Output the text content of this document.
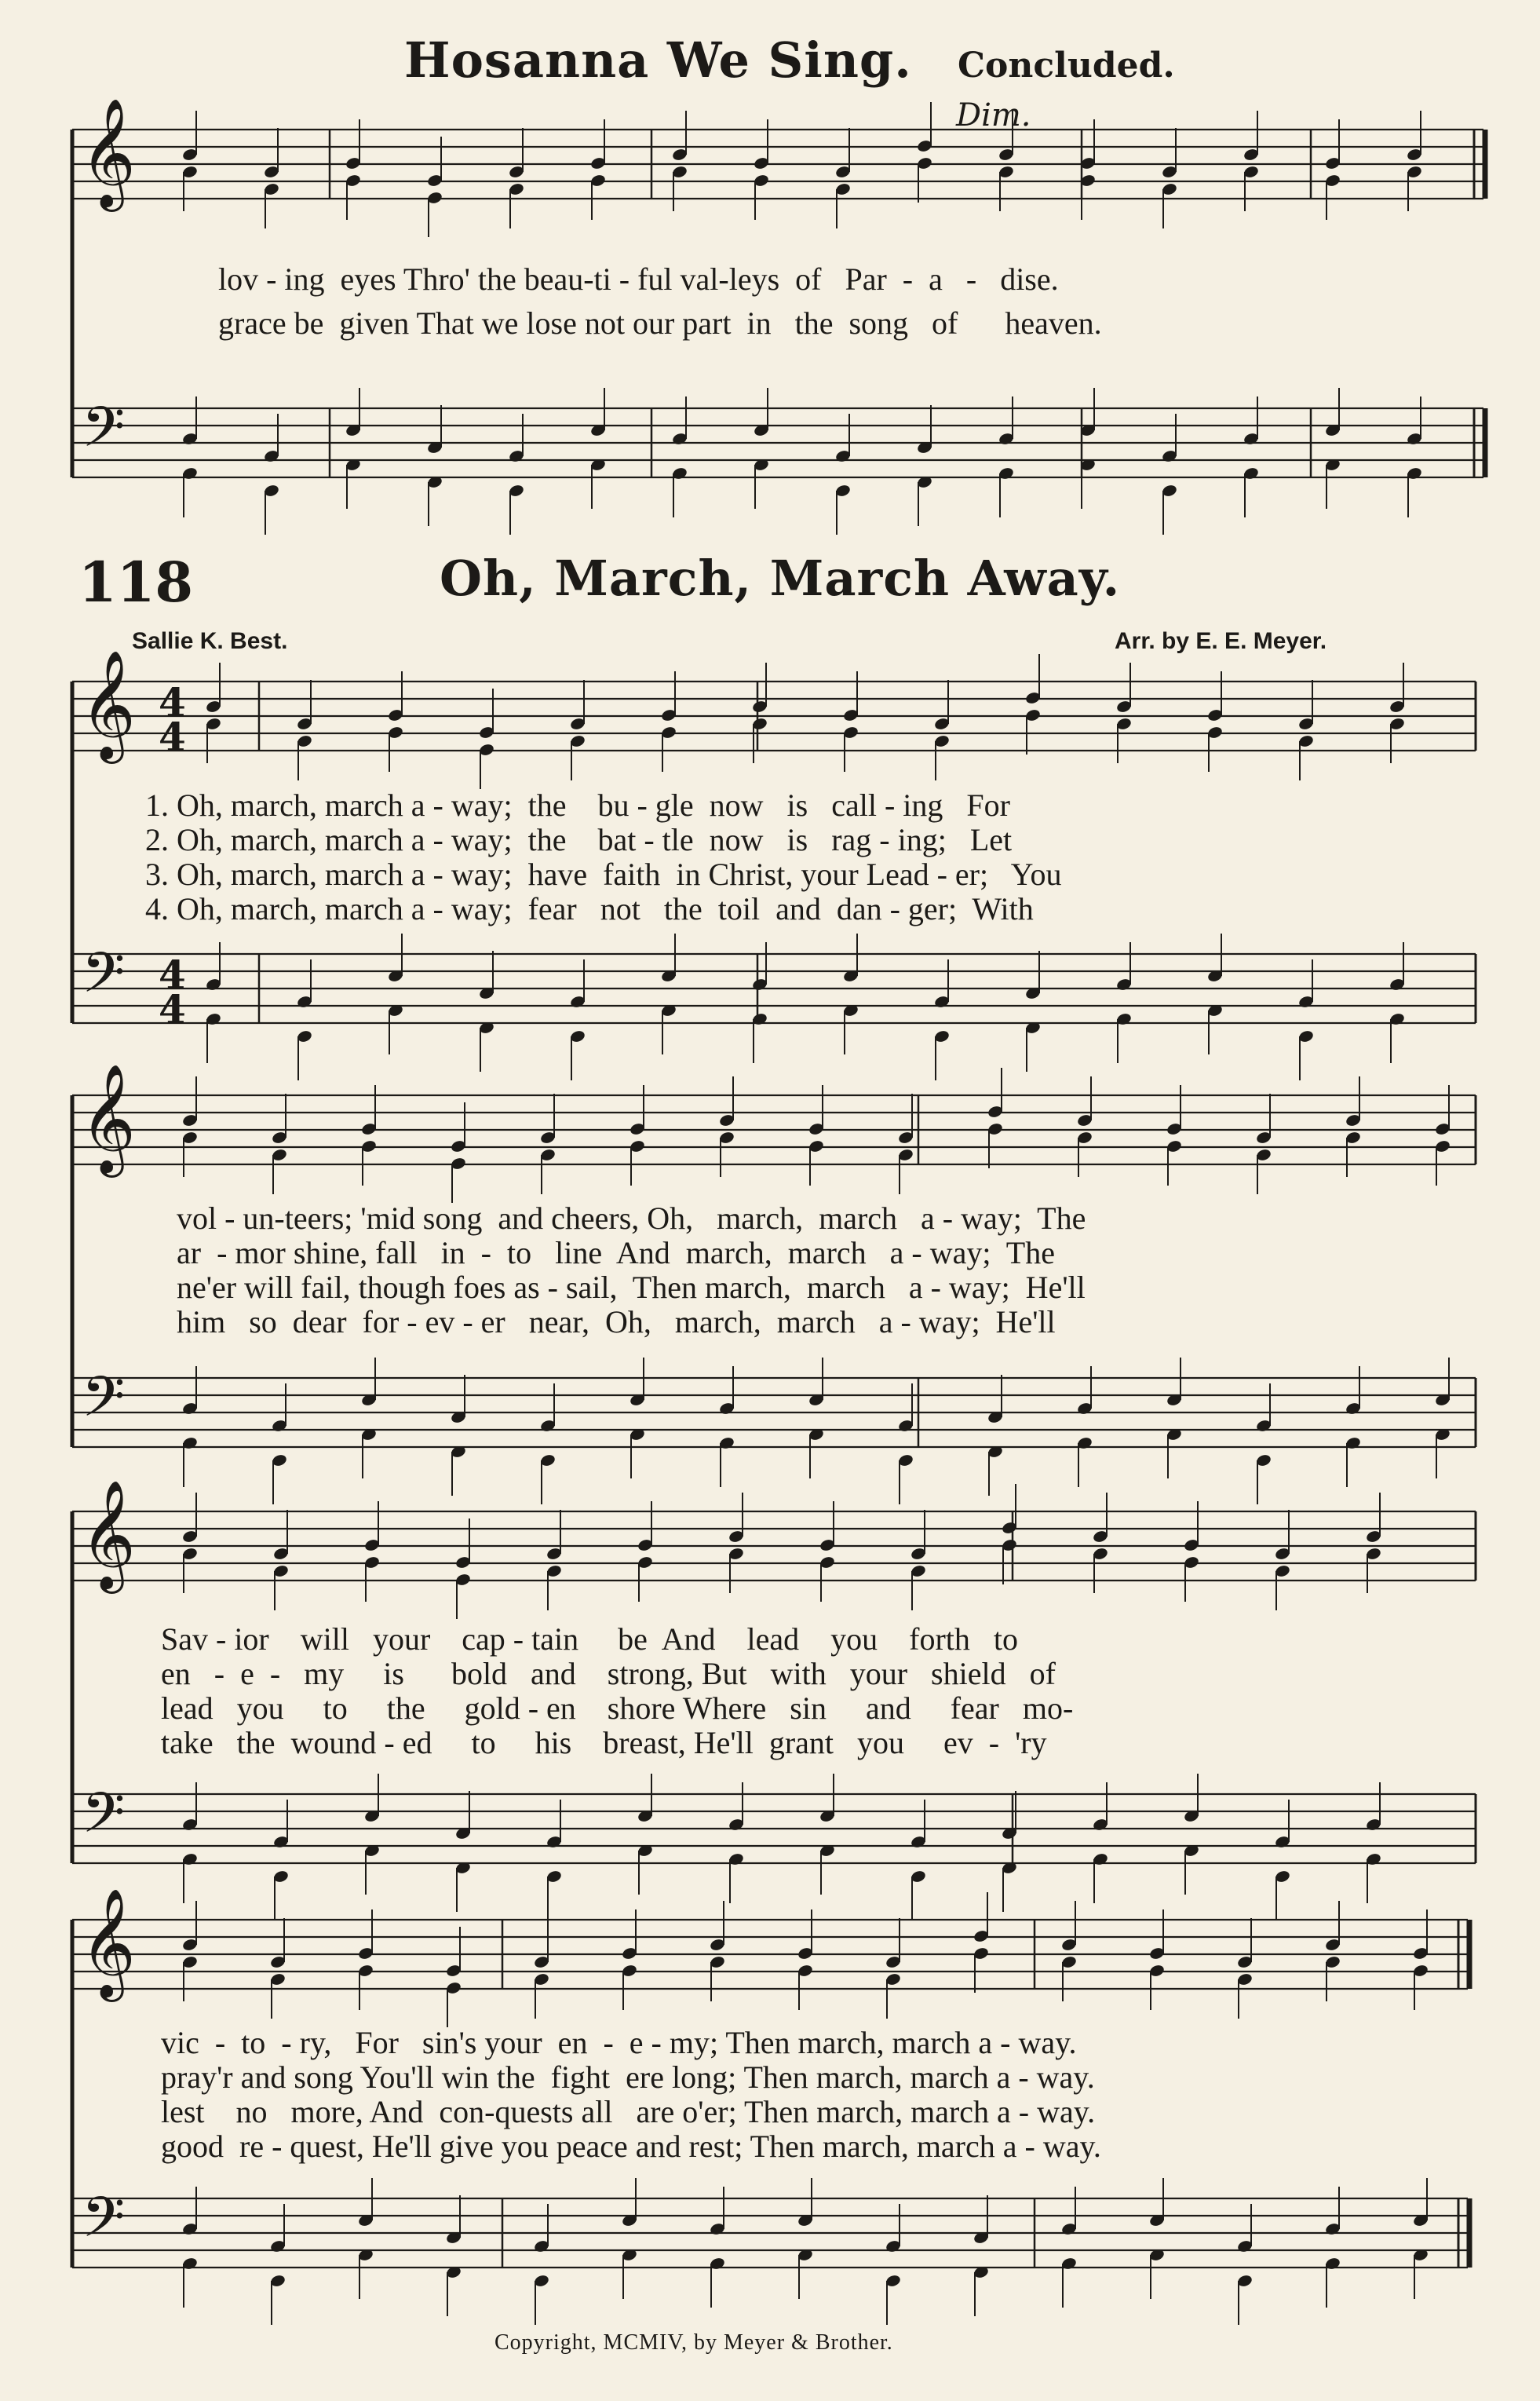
Hosanna We Sing. Concluded.
Dim.
𝄞
𝄢
𝄞
𝄢
4
4
4
4
𝄞
𝄢
𝄞
𝄢
𝄞
𝄢
lov - ing  eyes Thro' the beau-ti - ful val-leys  of   Par  -  a   -   dise.
grace be  given That we lose not our part  in   the  song   of      heaven.
118	Oh, March, March Away.
Sallie K. Best.	Arr. by E. E. Meyer.
1. Oh, march, march a - way;  the    bu - gle  now   is   call - ing   For
2. Oh, march, march a - way;  the    bat - tle  now   is   rag - ing;   Let
3. Oh, march, march a - way;  have  faith  in Christ, your Lead - er;   You
4. Oh, march, march a - way;  fear   not   the  toil  and  dan - ger;  With
vol - un-teers; 'mid song  and cheers, Oh,   march,  march   a - way;  The
ar  - mor shine, fall   in  -  to   line  And  march,  march   a - way;  The
ne'er will fail, though foes as - sail,  Then march,  march   a - way;  He'll
him   so  dear  for - ev - er   near,  Oh,   march,  march   a - way;  He'll
Sav - ior    will   your    cap - tain     be  And    lead    you    forth   to
en   -  e  -   my     is      bold   and    strong, But   with   your   shield   of
lead   you     to     the     gold - en    shore Where   sin     and     fear   mo-
take   the  wound - ed     to     his    breast, He'll  grant   you     ev  -  'ry
vic  -  to  - ry,   For   sin's your  en  -  e - my; Then march, march a - way.
pray'r and song You'll win the  fight  ere long; Then march, march a - way.
lest    no   more, And  con-quests all   are o'er; Then march, march a - way.
good  re - quest, He'll give you peace and rest; Then march, march a - way.
Copyright, MCMIV, by Meyer & Brother.
